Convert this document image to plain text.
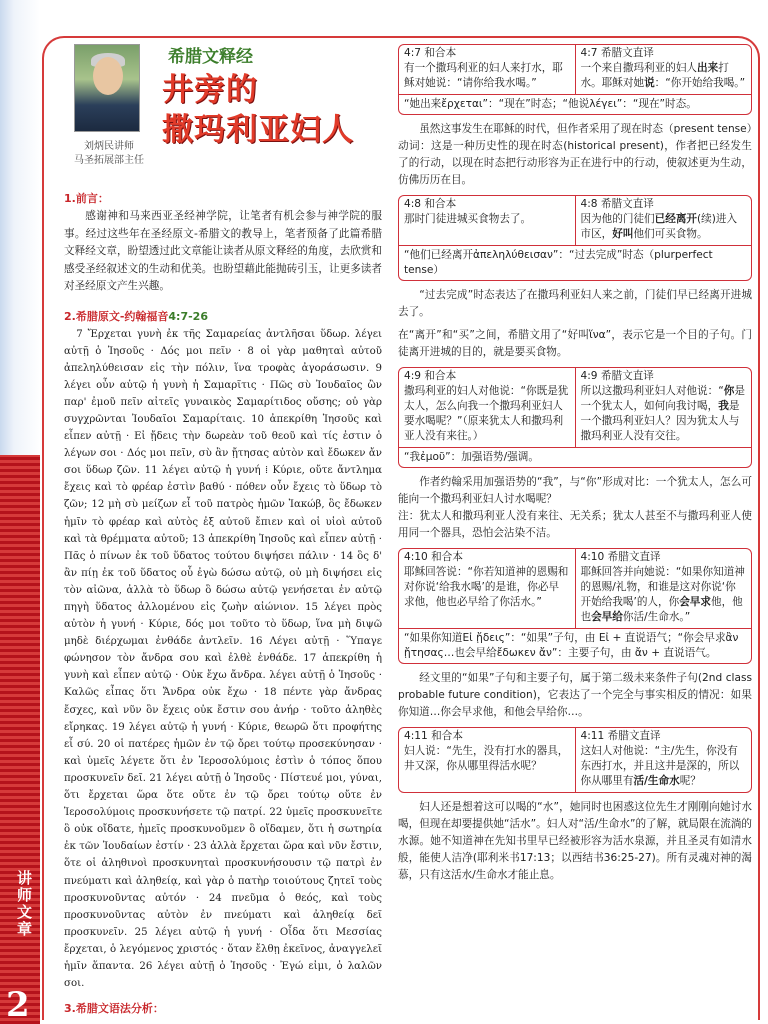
讲师文章
2
刘炳民讲师
马圣拓展部主任
希腊文释经
井旁的
撒玛利亚妇人
1.前言：
感谢神和马来西亚圣经神学院，让笔者有机会参与神学院的服事。经过这些年在圣经原文-希腊文的教导上，笔者预备了此篇希腊文释经文章，盼望透过此文章能让读者从原文释经的角度，去欣赏和感受圣经叙述文的生动和优美。也盼望藉此能抛砖引玉，让更多读者对圣经原文产生兴趣。
2.希腊原文-约翰福音4:7-26
7 Ἔρχεται γυνὴ ἐκ τῆς Σαμαρείας ἀντλῆσαι ὕδωρ. λέγει αὐτῇ ὁ Ἰησοῦς · Δός μοι πεῖν · 8 οἱ γὰρ μαθηταὶ αὐτοῦ ἀπεληλύθεισαν εἰς τὴν πόλιν, ἵνα τροφὰς ἀγοράσωσιν. 9 λέγει οὖν αὐτῷ ἡ γυνὴ ἡ Σαμαρῖτις · Πῶς σὺ Ἰουδαῖος ὢν παρ' ἐμοῦ πεῖν αἰτεῖς γυναικὸς Σαμαρίτιδος οὔσης; οὐ γὰρ συγχρῶνται Ἰουδαῖοι Σαμαρίταις. 10 ἀπεκρίθη Ἰησοῦς καὶ εἶπεν αὐτῇ · Εἰ ᾔδεις τὴν δωρεὰν τοῦ θεοῦ καὶ τίς ἐστιν ὁ λέγων σοι · Δός μοι πεῖν, σὺ ἂν ᾔτησας αὐτὸν καὶ ἔδωκεν ἄν σοι ὕδωρ ζῶν. 11 λέγει αὐτῷ ἡ γυνή ⁞ Κύριε, οὔτε ἄντλημα ἔχεις καὶ τὸ φρέαρ ἐστὶν βαθύ · πόθεν οὖν ἔχεις τὸ ὕδωρ τὸ ζῶν; 12 μὴ σὺ μείζων εἶ τοῦ πατρὸς ἡμῶν Ἰακώβ, ὃς ἔδωκεν ἡμῖν τὸ φρέαρ καὶ αὐτὸς ἐξ αὐτοῦ ἔπιεν καὶ οἱ υἱοὶ αὐτοῦ καὶ τὰ θρέμματα αὐτοῦ; 13 ἀπεκρίθη Ἰησοῦς καὶ εἶπεν αὐτῇ · Πᾶς ὁ πίνων ἐκ τοῦ ὕδατος τούτου διψήσει πάλιν · 14 ὃς δ' ἂν πίῃ ἐκ τοῦ ὕδατος οὗ ἐγὼ δώσω αὐτῷ, οὐ μὴ διψήσει εἰς τὸν αἰῶνα, ἀλλὰ τὸ ὕδωρ ὃ δώσω αὐτῷ γενήσεται ἐν αὐτῷ πηγὴ ὕδατος ἁλλομένου εἰς ζωὴν αἰώνιον. 15 λέγει πρὸς αὐτὸν ἡ γυνή · Κύριε, δός μοι τοῦτο τὸ ὕδωρ, ἵνα μὴ διψῶ μηδὲ διέρχωμαι ἐνθάδε ἀντλεῖν. 16 Λέγει αὐτῇ · Ὕπαγε φώνησον τὸν ἄνδρα σου καὶ ἐλθὲ ἐνθάδε. 17 ἀπεκρίθη ἡ γυνὴ καὶ εἶπεν αὐτῷ · Οὐκ ἔχω ἄνδρα. λέγει αὐτῇ ὁ Ἰησοῦς · Καλῶς εἶπας ὅτι Ἄνδρα οὐκ ἔχω · 18 πέντε γὰρ ἄνδρας ἔσχες, καὶ νῦν ὃν ἔχεις οὐκ ἔστιν σου ἀνήρ · τοῦτο ἀληθὲς εἴρηκας. 19 λέγει αὐτῷ ἡ γυνή · Κύριε, θεωρῶ ὅτι προφήτης εἶ σύ. 20 οἱ πατέρες ἡμῶν ἐν τῷ ὄρει τούτῳ προσεκύνησαν · καὶ ὑμεῖς λέγετε ὅτι ἐν Ἱεροσολύμοις ἐστὶν ὁ τόπος ὅπου προσκυνεῖν δεῖ. 21 λέγει αὐτῇ ὁ Ἰησοῦς · Πίστευέ μοι, γύναι, ὅτι ἔρχεται ὥρα ὅτε οὔτε ἐν τῷ ὄρει τούτῳ οὔτε ἐν Ἱεροσολύμοις προσκυνήσετε τῷ πατρί. 22 ὑμεῖς προσκυνεῖτε ὃ οὐκ οἴδατε, ἡμεῖς προσκυνοῦμεν ὃ οἴδαμεν, ὅτι ἡ σωτηρία ἐκ τῶν Ἰουδαίων ἐστίν · 23 ἀλλὰ ἔρχεται ὥρα καὶ νῦν ἔστιν, ὅτε οἱ ἀληθινοὶ προσκυνηταὶ προσκυνήσουσιν τῷ πατρὶ ἐν πνεύματι καὶ ἀληθείᾳ, καὶ γὰρ ὁ πατὴρ τοιούτους ζητεῖ τοὺς προσκυνοῦντας αὐτόν · 24 πνεῦμα ὁ θεός, καὶ τοὺς προσκυνοῦντας αὐτὸν ἐν πνεύματι καὶ ἀληθείᾳ δεῖ προσκυνεῖν. 25 λέγει αὐτῷ ἡ γυνή · Οἶδα ὅτι Μεσσίας ἔρχεται, ὁ λεγόμενος χριστός · ὅταν ἔλθῃ ἐκεῖνος, ἀναγγελεῖ ἡμῖν ἅπαντα. 26 λέγει αὐτῇ ὁ Ἰησοῦς · Ἐγώ εἰμι, ὁ λαλῶν σοι.
3.希腊文语法分析：
4:7 和合本
有一个撒玛利亚的妇人来打水，耶稣对她说：“请你给我水喝。”
4:7 希腊文直译
一个来自撒玛利亚的妇人出来打水。耶稣对她说：“你开始给我喝。”
“她出来ἔρχεται”：“现在”时态；“他说λέγει”：“现在”时态。
虽然这事发生在耶稣的时代，但作者采用了现在时态（present tense）动词：这是一种历史性的现在时态(historical present)，作者把已经发生了的行动，以现在时态把行动形容为正在进行中的行动，使叙述更为生动，仿佛历历在目。
4:8 和合本
那时门徒进城买食物去了。
4:8 希腊文直译
因为他的门徒们已经离开(续)进入市区，好叫他们可买食物。
“他们已经离开ἀπεληλύθεισαν”：“过去完成”时态（plurperfect tense）
“过去完成”时态表达了在撒玛利亚妇人来之前，门徒们早已经离开进城去了。
在“离开”和“买”之间，希腊文用了“好叫ἵνα”，表示它是一个目的子句。门徒离开进城的目的，就是要买食物。
4:9 和合本
撒玛利亚的妇人对他说：“你既是犹太人，怎么向我一个撒玛利亚妇人要水喝呢？”（原来犹太人和撒玛利亚人没有来往。）
4:9 希腊文直译
所以这撒玛利亚妇人对他说：“你是一个犹太人，如何向我讨喝，我是一个撒玛利亚妇人？因为犹太人与撒玛利亚人没有交往。
“我ἐμοῦ”：加强语势/强调。
作者约翰采用加强语势的“我”，与“你”形成对比：一个犹太人，怎么可能向一个撒玛利亚妇人讨水喝呢？
注：犹太人和撒玛利亚人没有来往、无关系；犹太人甚至不与撒玛利亚人使用同一个器具，恐怕会沾染不洁。
4:10 和合本
耶稣回答说：“你若知道神的恩赐和对你说‘给我水喝’的是谁，你必早求他，他也必早给了你活水。”
4:10 希腊文直译
耶稣回答并向她说：“如果你知道神的恩赐/礼物，和谁是这对你说‘你开始给我喝’的人，你会早求他，他也会早给你活/生命水。”
“如果你知道Εἰ ᾔδεις”：“如果”子句，由 Εἰ + 直说语气；“你会早求ἂν ᾔτησας…也会早给ἔδωκεν ἄν”：主要子句，由 ἄν + 直说语气。
经文里的“如果”子句和主要子句，属于第二级未来条件子句(2nd class probable future condition)，它表达了一个完全与事实相反的情况：如果你知道…你会早求他，和他会早给你…。
4:11 和合本
妇人说：“先生，没有打水的器具，井又深，你从哪里得活水呢？
4:11 希腊文直译
这妇人对他说：“主/先生，你没有东西打水，并且这井是深的，所以你从哪里有活/生命水呢？
妇人还是想着这可以喝的“水”，她同时也困惑这位先生才刚刚向她讨水喝，但现在却要提供她“活水”。妇人对“活/生命水”的了解，就局限在流淌的水源。她不知道神在先知书里早已经被形容为活水泉源，并且圣灵有如清水般，能使人洁净(耶利米书17:13；以西结书36:25-27)。所有灵魂对神的渴慕，只有这活水/生命水才能止息。
